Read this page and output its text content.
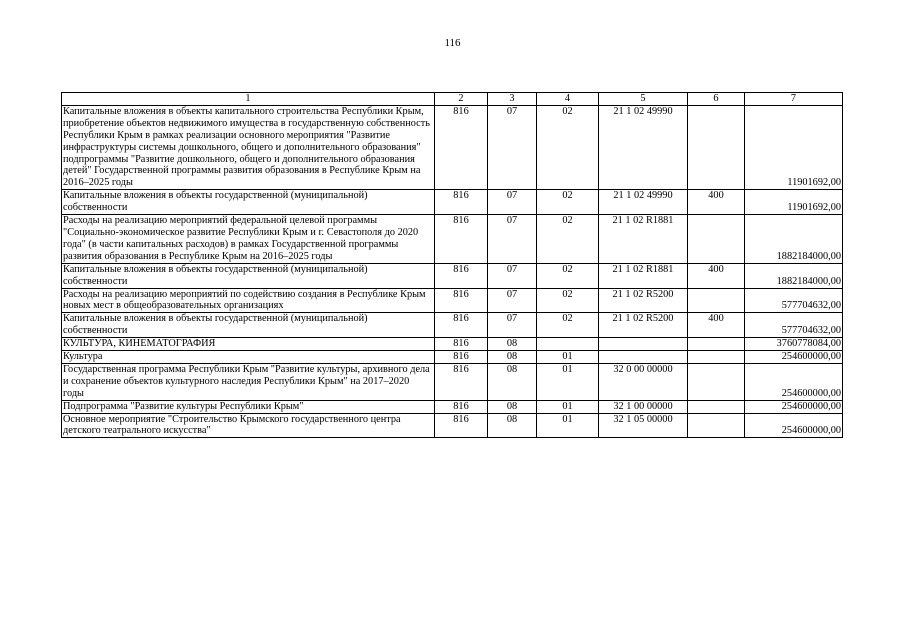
116
1	2	3	4	5	6	7
Капитальные вложения в объекты капитального строительства Республики Крым, приобретение объектов недвижимого имущества в государственную собственность Республики Крым в рамках реализации основного мероприятия "Развитие инфраструктуры системы дошкольного, общего и дополнительного образования" подпрограммы "Развитие дошкольного, общего и дополнительного образования детей" Государственной программы развития образования в Республике Крым на 2016–2025 годы	816	07	02	21 1 02 49990		11901692,00
Капитальные вложения в объекты государственной (муниципальной) собственности	816	07	02	21 1 02 49990	400	11901692,00
Расходы на реализацию мероприятий федеральной целевой программы "Социально-экономическое развитие Республики Крым и г. Севастополя до 2020 года" (в части капитальных расходов) в рамках Государственной программы развития образования в Республике Крым на 2016–2025 годы	816	07	02	21 1 02 R1881		1882184000,00
Капитальные вложения в объекты государственной (муниципальной) собственности	816	07	02	21 1 02 R1881	400	1882184000,00
Расходы на реализацию мероприятий по содействию создания в Республике Крым новых мест в общеобразовательных организациях	816	07	02	21 1 02 R5200		577704632,00
Капитальные вложения в объекты государственной (муниципальной) собственности	816	07	02	21 1 02 R5200	400	577704632,00
КУЛЬТУРА, КИНЕМАТОГРАФИЯ	816	08				3760778084,00
Культура	816	08	01			254600000,00
Государственная программа Республики Крым "Развитие культуры, архивного дела и сохранение объектов культурного наследия Республики Крым" на 2017–2020 годы	816	08	01	32 0 00 00000		254600000,00
Подпрограмма "Развитие культуры Республики Крым"	816	08	01	32 1 00 00000		254600000,00
Основное мероприятие "Строительство Крымского государственного центра детского театрального искусства"	816	08	01	32 1 05 00000		254600000,00
